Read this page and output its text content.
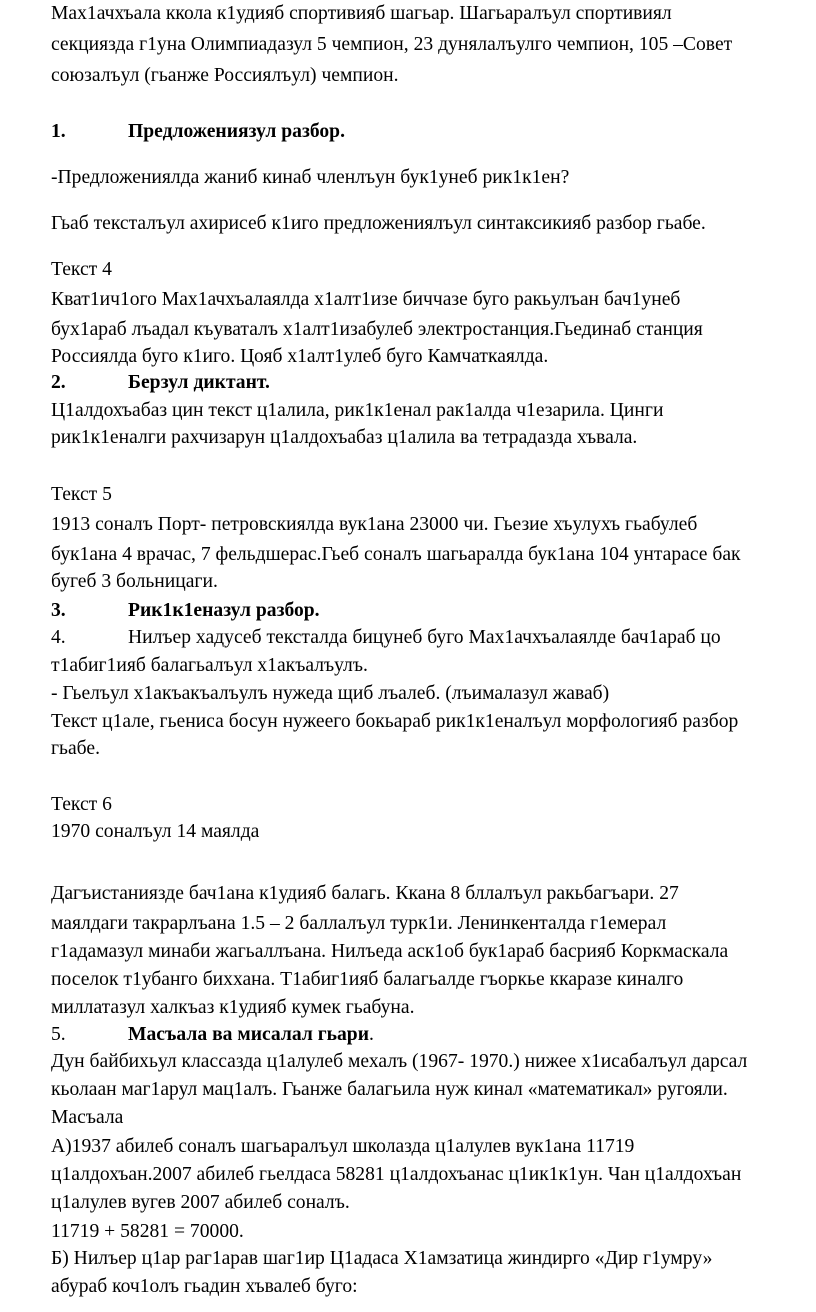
Мах1ачхъала ккола к1удияб спортивияб шагьар. Шагьаралъул спортивиял
секциязда г1уна Олимпиадазул 5 чемпион, 23 дунялалъулго чемпион, 105 –Совет
союзалъул (гьанже Россиялъул) чемпион.
1.	Предложениязул разбор.
-Предложениялда жаниб кинаб членлъун бук1унеб рик1к1ен?
Гьаб тексталъул ахирисеб к1иго предложениялъул синтаксикияб разбор гьабе.
Текст 4
Кват1ич1ого Мах1ачхъалаялда х1алт1изе биччазе буго ракьулъан бач1унеб
бух1араб лъадал къуваталъ х1алт1изабулеб электростанция.Гьединаб станция
Россиялда буго к1иго. Цояб х1алт1улеб буго Камчаткаялда.
2.	Берзул диктант.
Ц1алдохъабаз цин текст ц1алила, рик1к1енал рак1алда ч1езарила. Цинги
рик1к1еналги рахчизарун ц1алдохъабаз ц1алила ва тетрадазда хъвала.
Текст 5
1913 соналъ Порт- петровскиялда вук1ана 23000 чи. Гьезие хъулухъ гьабулеб
бук1ана 4 врачас, 7 фельдшерас.Гьеб соналъ шагьаралда бук1ана 104 унтарасе бак
бугеб 3 больницаги.
3.	Рик1к1еназул разбор.
4.	Нилъер хадусеб тексталда бицунеб буго Мах1ачхъалаялде бач1араб цо
т1абиг1ияб балагьалъул х1акъалъулъ.
- Гьелъул х1акъакъалъулъ нужеда щиб лъалеб. (лъималазул жаваб)
Текст ц1але, гьениса босун нужеего бокьараб рик1к1еналъул морфологияб разбор
гьабе.
Текст 6
1970 соналъул 14 маялда
Дагъистаниязде бач1ана к1удияб балагь. Ккана 8 бллалъул ракьбагъари. 27
маялдаги такрарлъана 1.5 – 2 баллалъул турк1и. Ленинкенталда г1емерал
г1адамазул минаби жагьаллъана. Нилъеда аск1об бук1араб басрияб Коркмаскала
поселок т1убанго биххана. Т1абиг1ияб балагьалде гъоркье ккаразе киналго
миллатазул халкъаз к1удияб кумек гьабуна.
5.	Масъала ва мисалал гьари.
Дун байбихьул классазда ц1алулеб мехалъ (1967- 1970.) нижее х1исабалъул дарсал
кьолаан маг1арул мац1алъ. Гьанже балагьила нуж кинал «математикал» ругояли.
Масъала
А)1937 абилеб соналъ шагьаралъул школазда ц1алулев вук1ана 11719
ц1алдохъан.2007 абилеб гьелдаса 58281 ц1алдохъанас ц1ик1к1ун. Чан ц1алдохъан
ц1алулев вугев 2007 абилеб соналъ.
11719 + 58281 = 70000.
Б) Нилъер ц1ар раг1арав шаг1ир Ц1адаса Х1амзатица жиндирго «Дир г1умру»
абураб коч1олъ гьадин хъвалеб буго:
